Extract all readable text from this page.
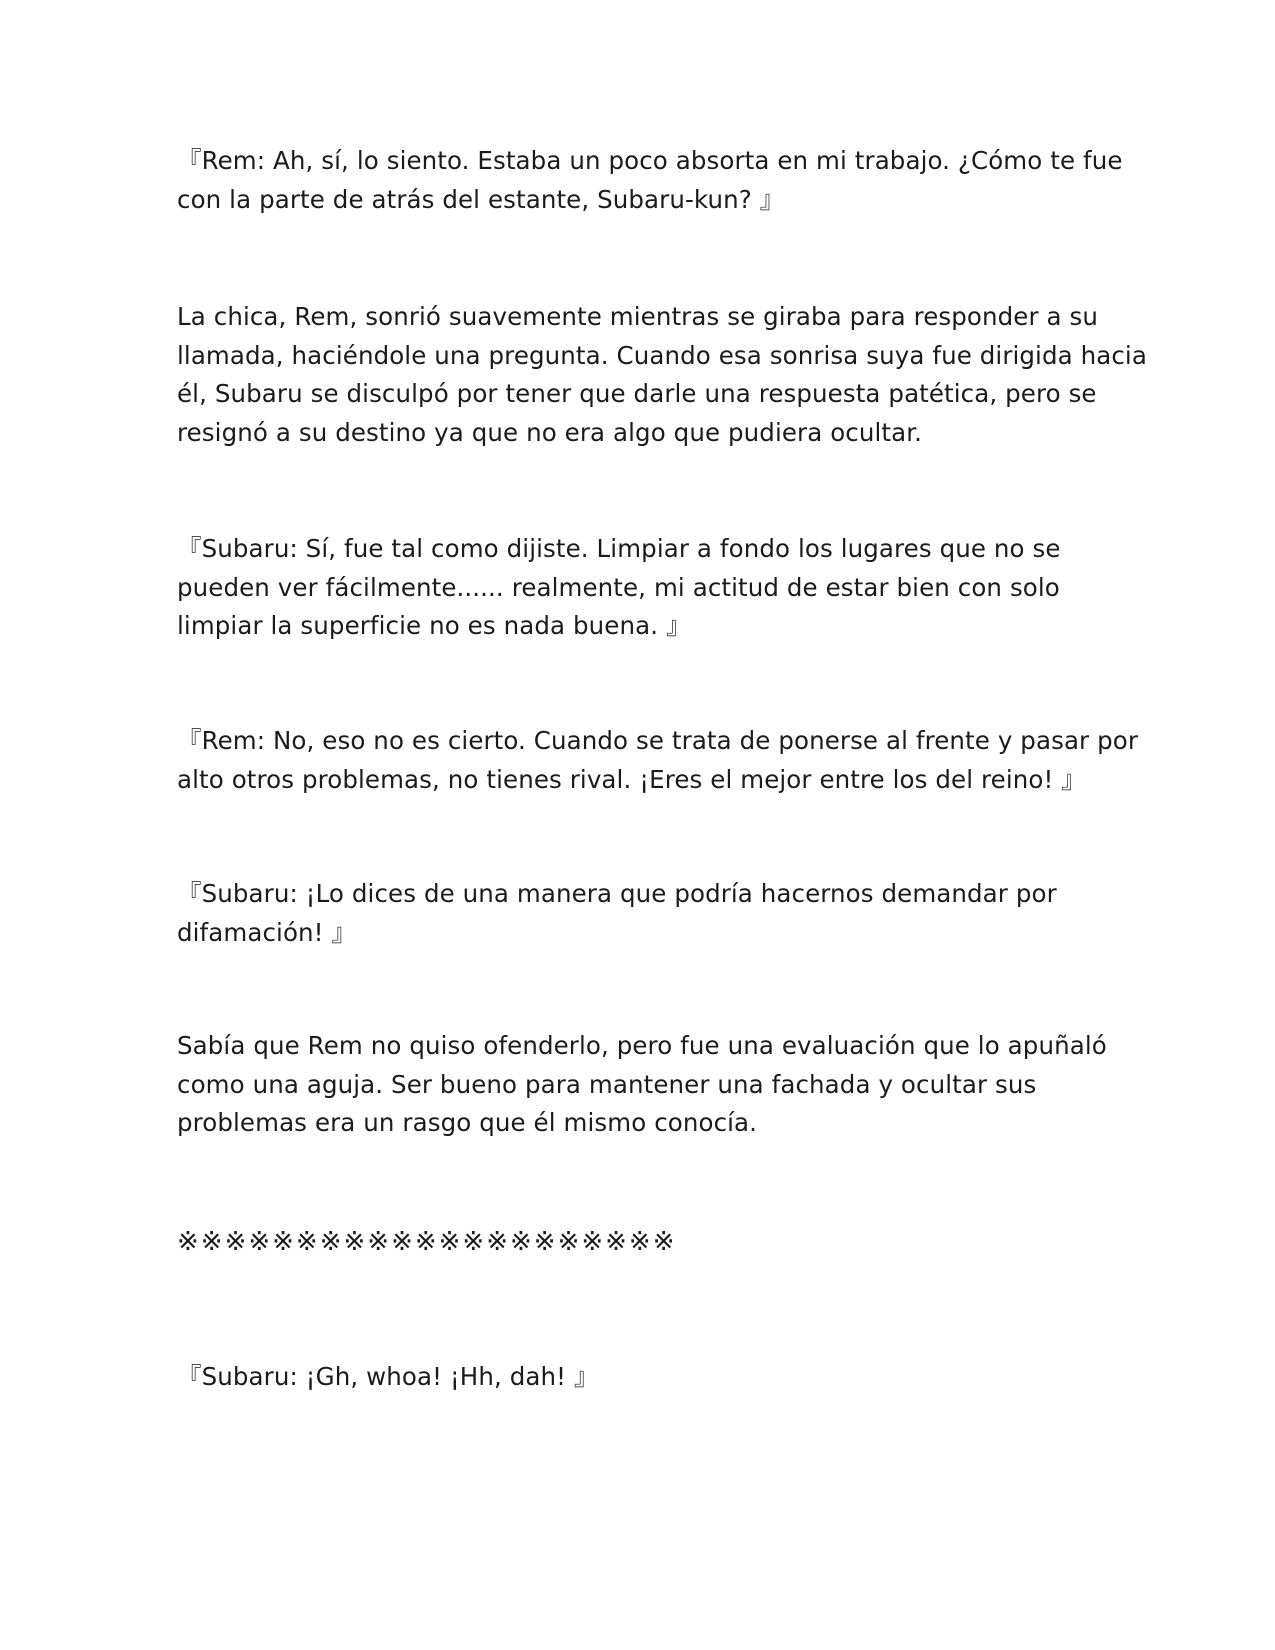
『Rem: Ah, sí, lo siento. Estaba un poco absorta en mi trabajo. ¿Cómo te fue
con la parte de atrás del estante, Subaru-kun? 』
La chica, Rem, sonrió suavemente mientras se giraba para responder a su
llamada, haciéndole una pregunta. Cuando esa sonrisa suya fue dirigida hacia
él, Subaru se disculpó por tener que darle una respuesta patética, pero se
resignó a su destino ya que no era algo que pudiera ocultar.
『Subaru: Sí, fue tal como dijiste. Limpiar a fondo los lugares que no se
pueden ver fácilmente...... realmente, mi actitud de estar bien con solo
limpiar la superficie no es nada buena. 』
『Rem: No, eso no es cierto. Cuando se trata de ponerse al frente y pasar por
alto otros problemas, no tienes rival. ¡Eres el mejor entre los del reino! 』
『Subaru: ¡Lo dices de una manera que podría hacernos demandar por
difamación! 』
Sabía que Rem no quiso ofenderlo, pero fue una evaluación que lo apuñaló
como una aguja. Ser bueno para mantener una fachada y ocultar sus
problemas era un rasgo que él mismo conocía.
※※※※※※※※※※※※※※※※※※※※※
『Subaru: ¡Gh, whoa! ¡Hh, dah! 』
